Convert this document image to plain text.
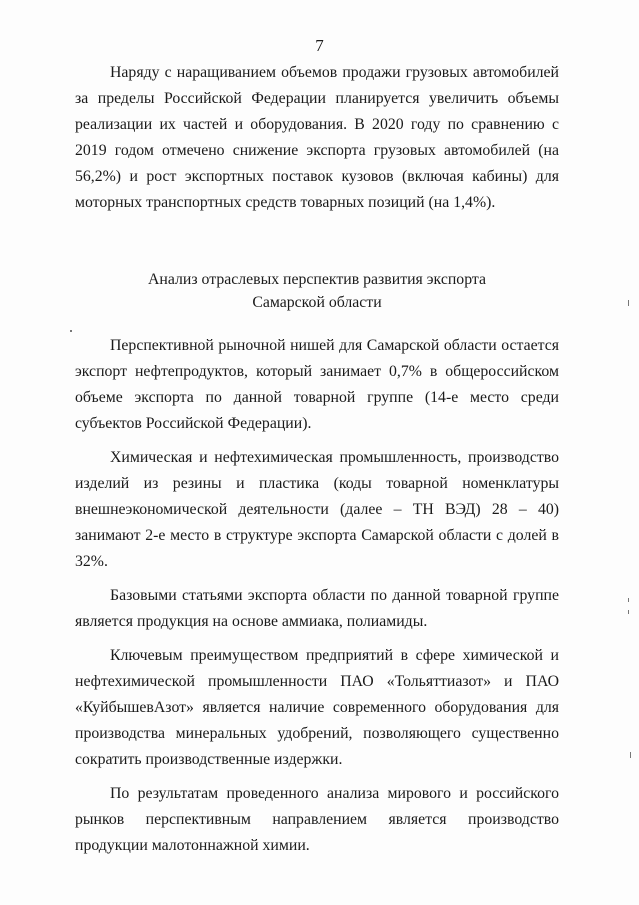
7

Наряду с наращиванием объемов продажи грузовых автомобилей за пределы Российской Федерации планируется увеличить объемы реализации их частей и оборудования. В 2020 году по сравнению с 2019 годом отмечено снижение экспорта грузовых автомобилей (на 56,2%) и рост экспортных поставок кузовов (включая кабины) для моторных транспортных средств товарных позиций (на 1,4%).

Анализ отраслевых перспектив развития экспорта
Самарской области

Перспективной рыночной нишей для Самарской области остается экспорт нефтепродуктов, который занимает 0,7% в общероссийском объеме экспорта по данной товарной группе (14-е место среди субъектов Российской Федерации).

Химическая и нефтехимическая промышленность, производство изделий из резины и пластика (коды товарной номенклатуры внешнеэкономической деятельности (далее – ТН ВЭД) 28 – 40) занимают 2-е место в структуре экспорта Самарской области с долей в 32%.

Базовыми статьями экспорта области по данной товарной группе является продукция на основе аммиака, полиамиды.

Ключевым преимуществом предприятий в сфере химической и нефтехимической промышленности ПАО «Тольяттиазот» и ПАО «КуйбышевАзот» является наличие современного оборудования для производства минеральных удобрений, позволяющего существенно сократить производственные издержки.

По результатам проведенного анализа мирового и российского рынков перспективным направлением является производство продукции малотоннажной химии.
